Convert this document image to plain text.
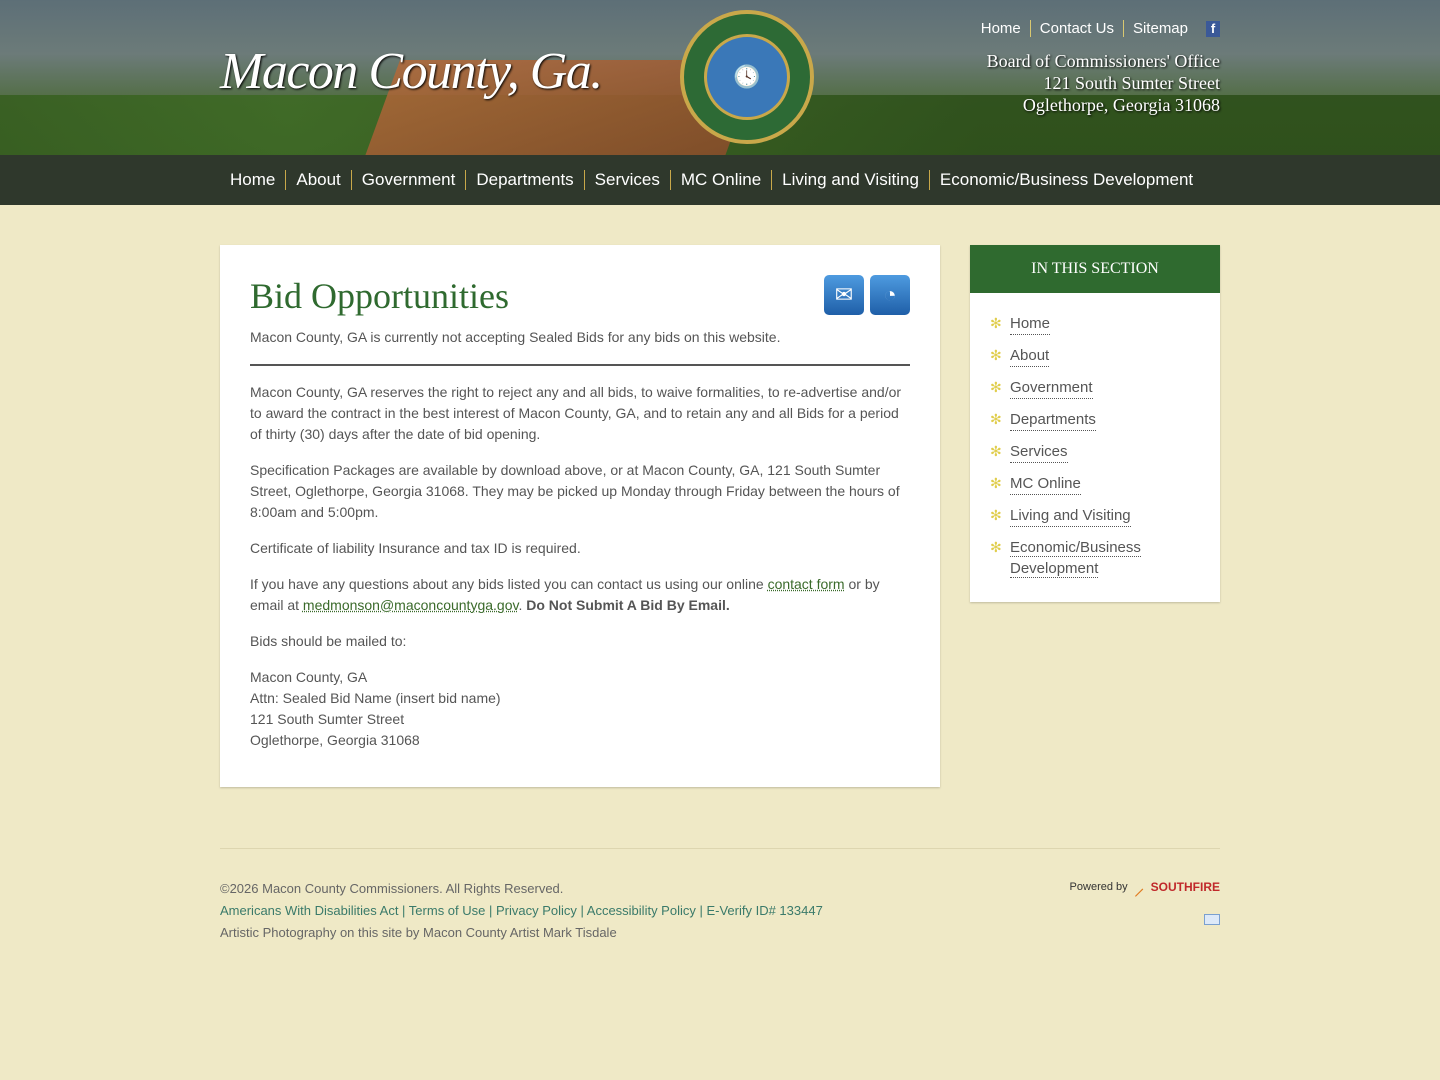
🕓
Macon County, Ga.
Home	Contact Us	Sitemap	f
Board of Commissioners' Office
121 South Sumter Street
Oglethorpe, Georgia 31068
Home	About	Government	Departments	Services	MC Online	Living and Visiting	Economic/Business Development
Bid Opportunities	✉	◔

Macon County, GA is currently not accepting Sealed Bids for any bids on this website.

Macon County, GA reserves the right to reject any and all bids, to waive formalities, to re-advertise and/or to award the contract in the best interest of Macon County, GA, and to retain any and all Bids for a period of thirty (30) days after the date of bid opening.

Specification Packages are available by download above, or at Macon County, GA, 121 South Sumter Street, Oglethorpe, Georgia 31068. They may be picked up Monday through Friday between the hours of 8:00am and 5:00pm.

Certificate of liability Insurance and tax ID is required.

If you have any questions about any bids listed you can contact us using our online contact form or by email at medmonson@maconcountyga.gov. Do Not Submit A Bid By Email.

Bids should be mailed to:

Macon County, GA
Attn: Sealed Bid Name (insert bid name)
121 South Sumter Street
Oglethorpe, Georgia 31068

IN THIS SECTION
✻ Home
✻ About
✻ Government
✻ Departments
✻ Services
✻ MC Online
✻ Living and Visiting
✻ Economic/Business Development
©2026 Macon County Commissioners. All Rights Reserved.
Americans With Disabilities Act | Terms of Use | Privacy Policy | Accessibility Policy | E-Verify ID# 133447
Artistic Photography on this site by Macon County Artist Mark Tisdale
Powered by ⸝ SOUTHFIRE
